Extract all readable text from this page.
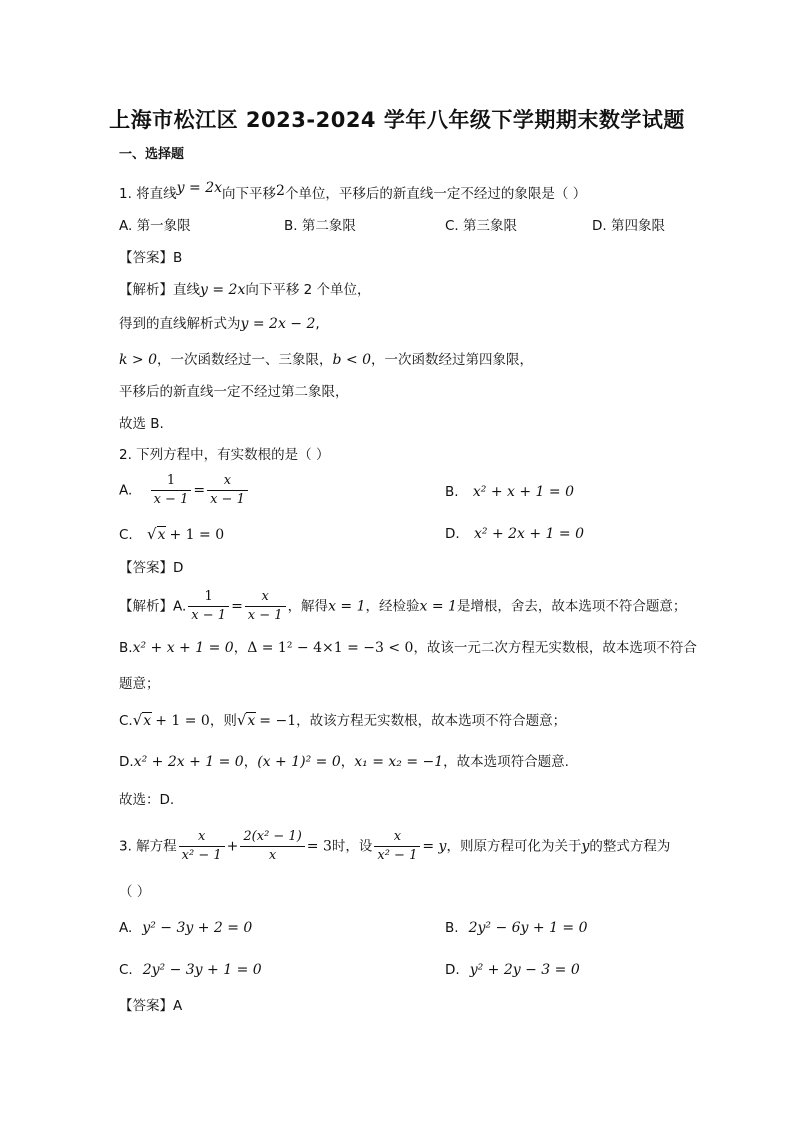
上海市松江区 2023-2024 学年八年级下学期期末数学试题
一、选择题
1. 将直线y = 2x向下平移2个单位，平移后的新直线一定不经过的象限是（ ）
A. 第一象限	B. 第二象限	C. 第三象限	D. 第四象限
【答案】B
【解析】直线y = 2x向下平移 2 个单位，
得到的直线解析式为y = 2x − 2,
k > 0，一次函数经过一、三象限，b < 0，一次函数经过第四象限，
平移后的新直线一定不经过第二象限，
故选 B.
2. 下列方程中，有实数根的是（ ）
A. $\frac{1}{x - 1} = \frac{x}{x - 1}$	B. x² + x + 1 = 0
C. √x + 1 = 0	D. x² + 2x + 1 = 0
【答案】D
【解析】A. $\frac{1}{x - 1} = \frac{x}{x - 1}$ ，解得x = 1，经检验x = 1是增根，舍去，故本选项不符合题意；
B.x² + x + 1 = 0，Δ = 1² − 4×1 = −3 < 0，故该一元二次方程无实数根，故本选项不符合
题意；
C.√x + 1 = 0，则√x = −1，故该方程无实数根，故本选项不符合题意；
D.x² + 2x + 1 = 0，(x + 1)² = 0，x₁ = x₂ = −1，故本选项符合题意.
故选：D.
3. 解方程 $\frac{x}{\text{x² − 1}} + \frac{\text{2(x² − 1)}}{x} = 3$时，设 $\frac{x}{\text{x² − 1}} = y$，则原方程可化为关于y的整式方程为
（ ）
A. y² − 3y + 2 = 0	B. 2y² − 6y + 1 = 0
C. 2y² − 3y + 1 = 0	D. y² + 2y − 3 = 0
【答案】A
